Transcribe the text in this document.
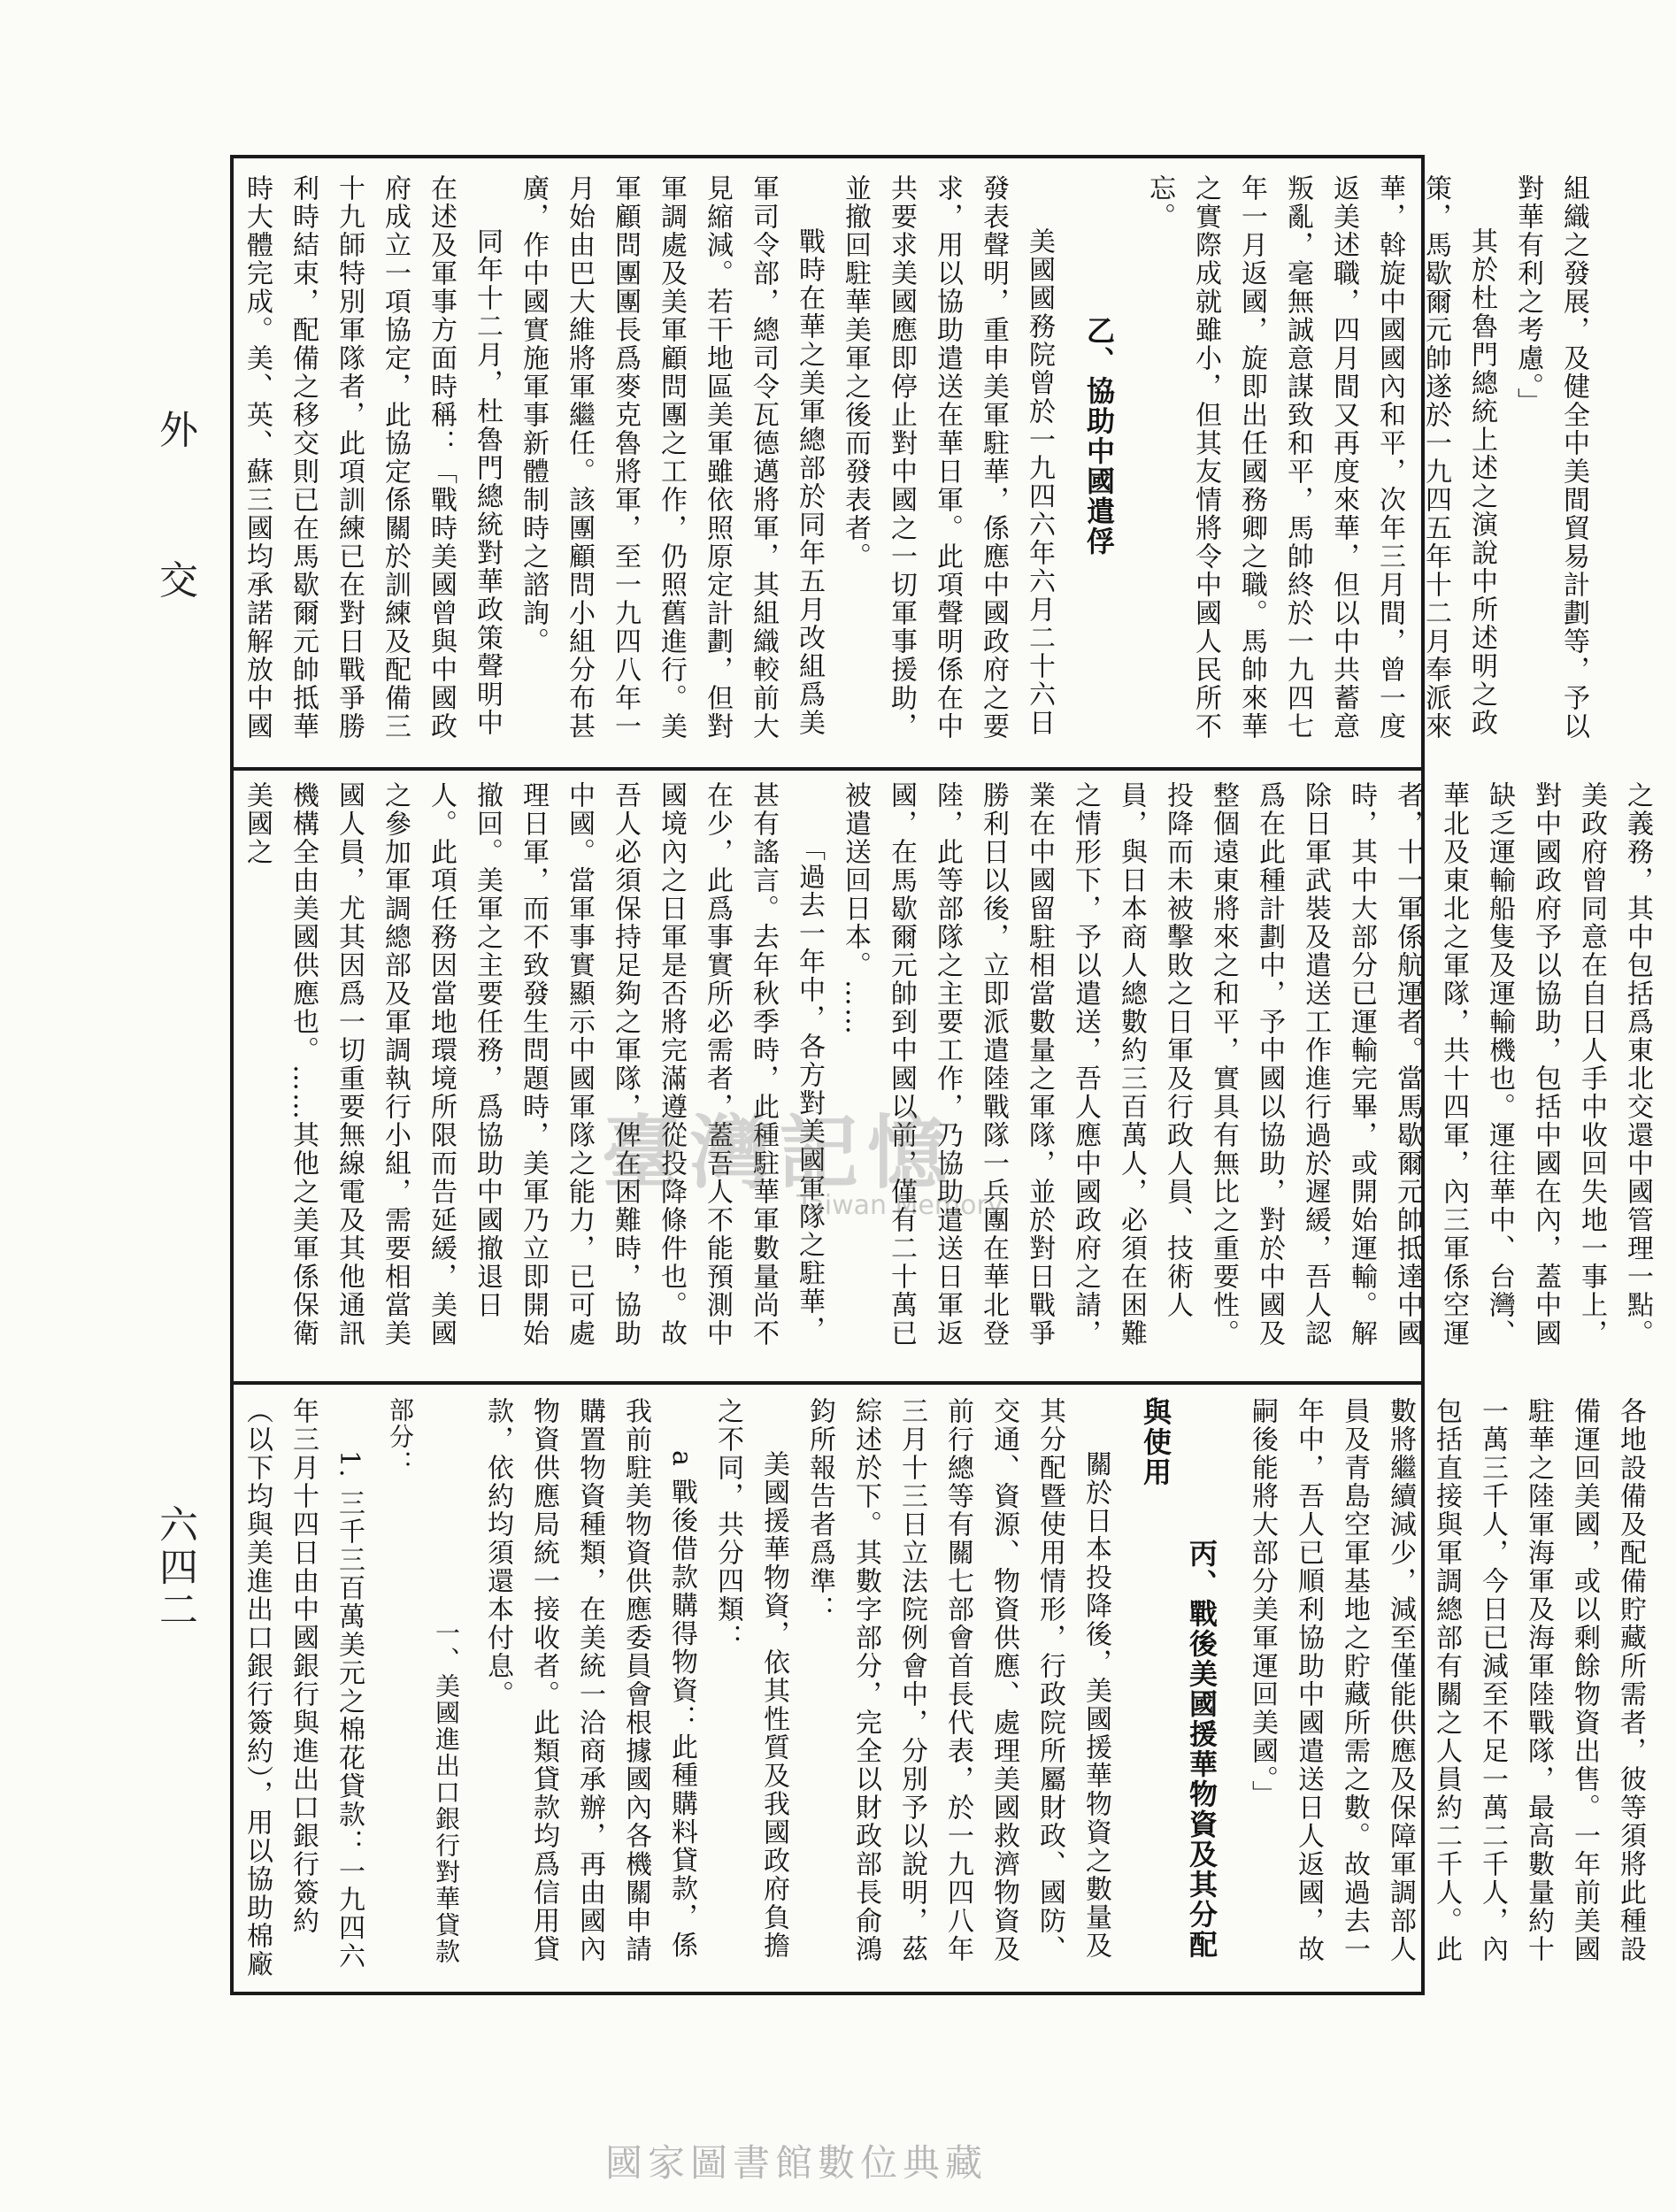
外
交
六四二

組織之發展，及健全中美間貿易計劃等，予以對華有利之考慮。」

其於杜魯門總統上述之演說中所述明之政策，馬歇爾元帥遂於一九四五年十二月奉派來華，斡旋中國國內和平，次年三月間，曾一度返美述職，四月間又再度來華，但以中共蓄意叛亂，毫無誠意謀致和平，馬帥終於一九四七年一月返國，旋即出任國務卿之職。馬帥來華之實際成就雖小，但其友情將令中國人民所不忘。

乙、協助中國遣俘

美國國務院曾於一九四六年六月二十六日發表聲明，重申美軍駐華，係應中國政府之要求，用以協助遣送在華日軍。此項聲明係在中共要求美國應即停止對中國之一切軍事援助，並撤回駐華美軍之後而發表者。

戰時在華之美軍總部於同年五月改組爲美軍司令部，總司令瓦德邁將軍，其組織較前大見縮減。若干地區美軍雖依照原定計劃，但對軍調處及美軍顧問團之工作，仍照舊進行。美軍顧問團團長爲麥克魯將軍，至一九四八年一月始由巴大維將軍繼任。該團顧問小組分布甚廣，作中國實施軍事新體制時之諮詢。

同年十二月，杜魯門總統對華政策聲明中在述及軍事方面時稱：「戰時美國曾與中國政府成立一項協定，此協定係關於訓練及配備三十九師特別軍隊者，此項訓練已在對日戰爭勝利時結束，配備之移交則已在馬歇爾元帥抵華時大體完成。美、英、蘇三國均承諾解放中國

之義務，其中包括爲東北交還中國管理一點。美政府曾同意在自日人手中收回失地一事上，對中國政府予以協助，包括中國在內，蓋中國缺乏運輸船隻及運輸機也。運往華中、台灣、華北及東北之軍隊，共十四軍，內三軍係空運者，十一軍係航運者。當馬歇爾元帥抵達中國時，其中大部分已運輸完畢，或開始運輸。解除日軍武裝及遣送工作進行過於遲緩，吾人認爲在此種計劃中，予中國以協助，對於中國及整個遠東將來之和平，實具有無比之重要性。投降而未被擊敗之日軍及行政人員、技術人員，與日本商人總數約三百萬人，必須在困難之情形下，予以遣送，吾人應中國政府之請，業在中國留駐相當數量之軍隊，並於對日戰爭勝利日以後，立即派遣陸戰隊一兵團在華北登陸，此等部隊之主要工作，乃協助遣送日軍返國，在馬歇爾元帥到中國以前，僅有二十萬已被遣送回日本。……

「過去一年中，各方對美國軍隊之駐華，甚有謠言。去年秋季時，此種駐華軍數量尚不在少，此爲事實所必需者，蓋吾人不能預測中國境內之日軍是否將完滿遵從投降條件也。故吾人必須保持足夠之軍隊，俾在困難時，協助中國。當軍事實顯示中國軍隊之能力，已可處理日軍，而不致發生問題時，美軍乃立即開始撤回。美軍之主要任務，爲協助中國撤退日人。此項任務因當地環境所限而告延緩，美國之參加軍調總部及軍調執行小組，需要相當美國人員，尤其因爲一切重要無線電及其他通訊機構全由美國供應也。……其他之美軍係保衛美國之

各地設備及配備貯藏所需者，彼等須將此種設備運回美國，或以剩餘物資出售。一年前美國駐華之陸軍海軍及海軍陸戰隊，最高數量約十一萬三千人，今日已減至不足一萬二千人，內包括直接與軍調總部有關之人員約二千人。此數將繼續減少，減至僅能供應及保障軍調部人員及青島空軍基地之貯藏所需之數。故過去一年中，吾人已順利協助中國遣送日人返國，故嗣後能將大部分美軍運回美國。」

丙、戰後美國援華物資及其分配與使用

關於日本投降後，美國援華物資之數量及其分配暨使用情形，行政院所屬財政、國防、交通、資源、物資供應、處理美國救濟物資及前行總等有關七部會首長代表，於一九四八年三月十三日立法院例會中，分別予以說明，茲綜述於下。其數字部分，完全以財政部長俞鴻鈞所報告者爲準：

美國援華物資，依其性質及我國政府負擔之不同，共分四類：

a 戰後借款購得物資：此種購料貸款，係我前駐美物資供應委員會根據國內各機關申請購置物資種類，在美統一洽商承辦，再由國內物資供應局統一接收者。此類貸款均爲信用貸款，依約均須還本付息。

一、美國進出口銀行對華貸款部分：

1. 三千三百萬美元之棉花貸款：一九四六年三月十四日由中國銀行與進出口銀行簽約（以下均與美進出口銀行簽約），用以協助棉廠

臺灣記憶
Taiwan Memory
國家圖書館數位典藏
